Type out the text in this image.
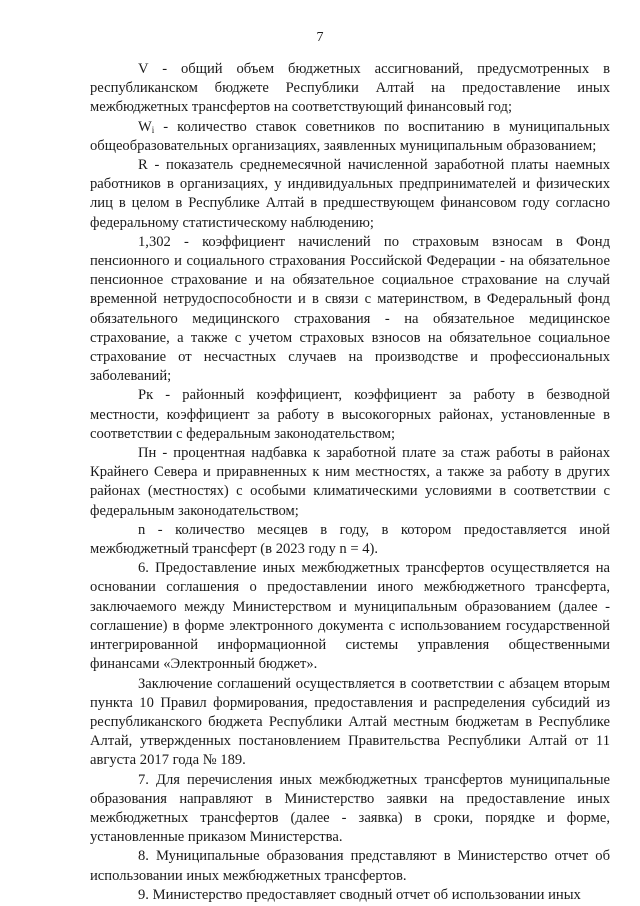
7

V - общий объем бюджетных ассигнований, предусмотренных в республиканском бюджете Республики Алтай на предоставление иных межбюджетных трансфертов на соответствующий финансовый год;

$W_i$ - количество ставок советников по воспитанию в муниципальных общеобразовательных организациях, заявленных муниципальным образованием;

R - показатель среднемесячной начисленной заработной платы наемных работников в организациях, у индивидуальных предпринимателей и физических лиц в целом в Республике Алтай в предшествующем финансовом году согласно федеральному статистическому наблюдению;

1,302 - коэффициент начислений по страховым взносам в Фонд пенсионного и социального страхования Российской Федерации - на обязательное пенсионное страхование и на обязательное социальное страхование на случай временной нетрудоспособности и в связи с материнством, в Федеральный фонд обязательного медицинского страхования - на обязательное медицинское страхование, а также с учетом страховых взносов на обязательное социальное страхование от несчастных случаев на производстве и профессиональных заболеваний;

Рк - районный коэффициент, коэффициент за работу в безводной местности, коэффициент за работу в высокогорных районах, установленные в соответствии с федеральным законодательством;

Пн - процентная надбавка к заработной плате за стаж работы в районах Крайнего Севера и приравненных к ним местностях, а также за работу в других районах (местностях) с особыми климатическими условиями в соответствии с федеральным законодательством;

n - количество месяцев в году, в котором предоставляется иной межбюджетный трансферт (в 2023 году n = 4).

6. Предоставление иных межбюджетных трансфертов осуществляется на основании соглашения о предоставлении иного межбюджетного трансферта, заключаемого между Министерством и муниципальным образованием (далее - соглашение) в форме электронного документа с использованием государственной интегрированной информационной системы управления общественными финансами «Электронный бюджет».

Заключение соглашений осуществляется в соответствии с абзацем вторым пункта 10 Правил формирования, предоставления и распределения субсидий из республиканского бюджета Республики Алтай местным бюджетам в Республике Алтай, утвержденных постановлением Правительства Республики Алтай от 11 августа 2017 года № 189.

7. Для перечисления иных межбюджетных трансфертов муниципальные образования направляют в Министерство заявки на предоставление иных межбюджетных трансфертов (далее - заявка) в сроки, порядке и форме, установленные приказом Министерства.

8. Муниципальные образования представляют в Министерство отчет об использовании иных межбюджетных трансфертов.

9. Министерство предоставляет сводный отчет об использовании иных
